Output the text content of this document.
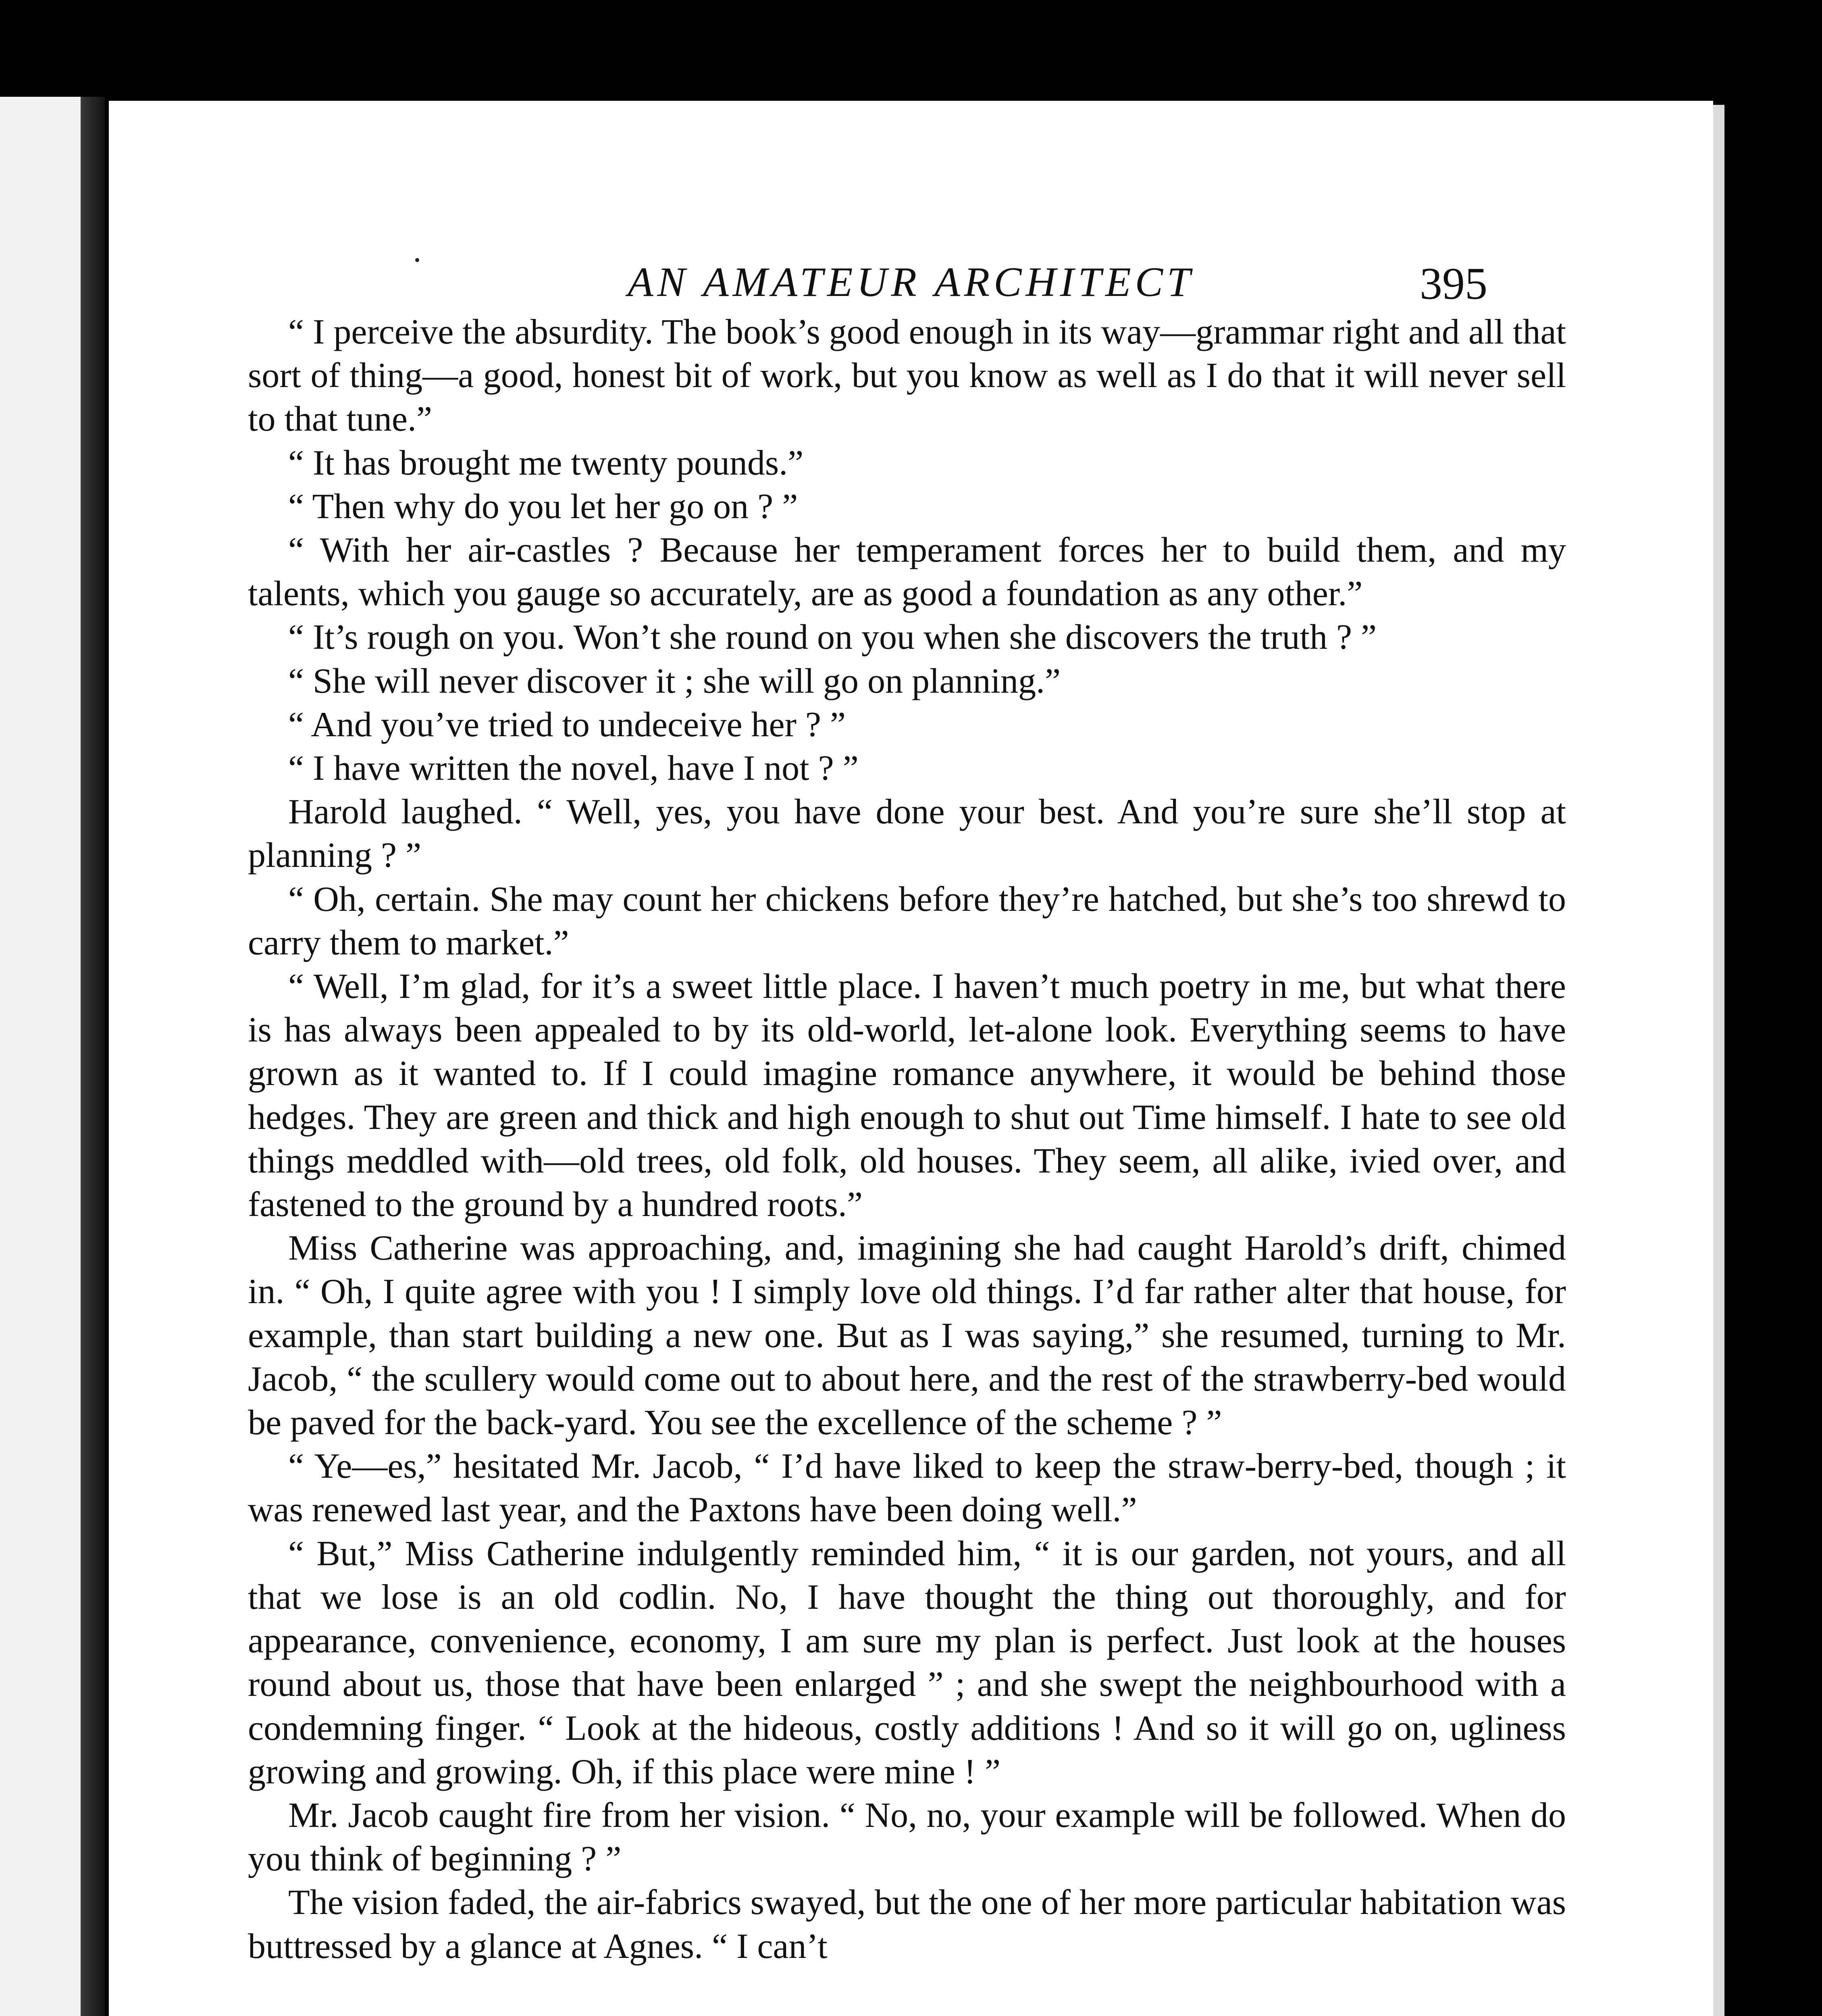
AN AMATEUR ARCHITECT	395

“ I perceive the absurdity. The book’s good enough in its way—grammar right and all that sort of thing—a good, honest bit of work, but you know as well as I do that it will never sell to that tune.”

“ It has brought me twenty pounds.”

“ Then why do you let her go on ? ”

“ With her air-castles ? Because her temperament forces her to build them, and my talents, which you gauge so accurately, are as good a foundation as any other.”

“ It’s rough on you. Won’t she round on you when she discovers the truth ? ”

“ She will never discover it ; she will go on planning.”

“ And you’ve tried to undeceive her ? ”

“ I have written the novel, have I not ? ”

Harold laughed. “ Well, yes, you have done your best. And you’re sure she’ll stop at planning ? ”

“ Oh, certain. She may count her chickens before they’re hatched, but she’s too shrewd to carry them to market.”

“ Well, I’m glad, for it’s a sweet little place. I haven’t much poetry in me, but what there is has always been appealed to by its old-world, let-alone look. Everything seems to have grown as it wanted to. If I could imagine romance anywhere, it would be behind those hedges. They are green and thick and high enough to shut out Time himself. I hate to see old things meddled with—old trees, old folk, old houses. They seem, all alike, ivied over, and fastened to the ground by a hundred roots.”

Miss Catherine was approaching, and, imagining she had caught Harold’s drift, chimed in. “ Oh, I quite agree with you ! I simply love old things. I’d far rather alter that house, for example, than start building a new one. But as I was saying,” she resumed, turning to Mr. Jacob, “ the scullery would come out to about here, and the rest of the strawberry-bed would be paved for the back-yard. You see the excellence of the scheme ? ”

“ Ye—es,” hesitated Mr. Jacob, “ I’d have liked to keep the straw-berry-bed, though ; it was renewed last year, and the Paxtons have been doing well.”

“ But,” Miss Catherine indulgently reminded him, “ it is our garden, not yours, and all that we lose is an old codlin. No, I have thought the thing out thoroughly, and for appearance, convenience, economy, I am sure my plan is perfect. Just look at the houses round about us, those that have been enlarged ” ; and she swept the neighbourhood with a condemning finger. “ Look at the hideous, costly additions ! And so it will go on, ugliness growing and growing. Oh, if this place were mine ! ”

Mr. Jacob caught fire from her vision. “ No, no, your example will be followed. When do you think of beginning ? ”

The vision faded, the air-fabrics swayed, but the one of her more particular habitation was buttressed by a glance at Agnes. “ I can’t
